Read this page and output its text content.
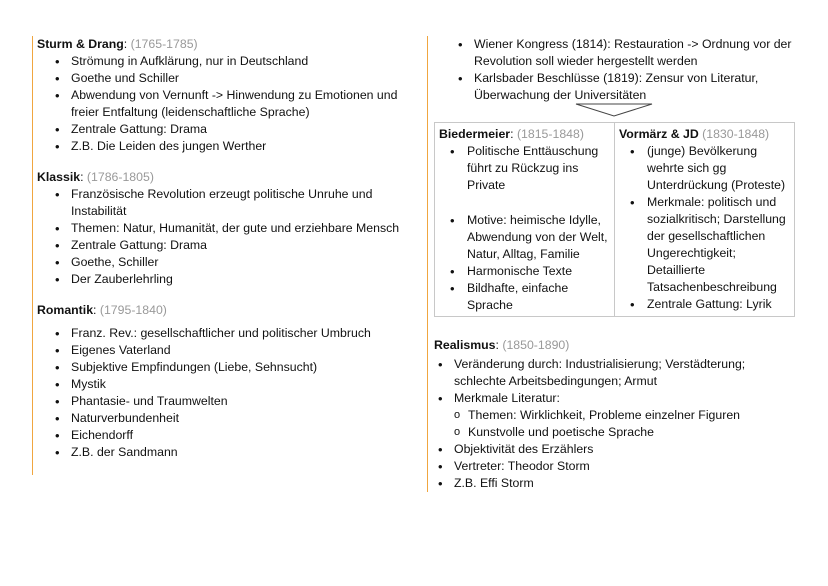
Sturm & Drang: (1765-1785)
• Strömung in Aufklärung, nur in Deutschland
• Goethe und Schiller
• Abwendung von Vernunft -> Hinwendung zu Emotionen und freier Entfaltung (leidenschaftliche Sprache)
• Zentrale Gattung: Drama
• Z.B. Die Leiden des jungen Werther
Klassik: (1786-1805)
• Französische Revolution erzeugt politische Unruhe und Instabilität
• Themen: Natur, Humanität, der gute und erziehbare Mensch
• Zentrale Gattung: Drama
• Goethe, Schiller
• Der Zauberlehrling
Romantik: (1795-1840)
• Franz. Rev.: gesellschaftlicher und politischer Umbruch
• Eigenes Vaterland
• Subjektive Empfindungen (Liebe, Sehnsucht)
• Mystik
• Phantasie- und Traumwelten
• Naturverbundenheit
• Eichendorff
• Z.B. der Sandmann
• Wiener Kongress (1814): Restauration -> Ordnung vor der Revolution soll wieder hergestellt werden
• Karlsbader Beschlüsse (1819): Zensur von Literatur, Überwachung der Universitäten
Biedermeier: (1815-1848)
• Politische Enttäuschung führt zu Rückzug ins Private
• Motive: heimische Idylle, Abwendung von der Welt, Natur, Alltag, Familie
• Harmonische Texte
• Bildhafte, einfache Sprache
Vormärz & JD (1830-1848)
• (junge) Bevölkerung wehrte sich gg Unterdrückung (Proteste)
• Merkmale: politisch und sozialkritisch; Darstellung der gesellschaftlichen Ungerechtigkeit; Detaillierte Tatsachenbeschreibung
• Zentrale Gattung: Lyrik
Realismus: (1850-1890)
• Veränderung durch: Industrialisierung; Verstädterung; schlechte Arbeitsbedingungen; Armut
• Merkmale Literatur:
o Themen: Wirklichkeit, Probleme einzelner Figuren
o Kunstvolle und poetische Sprache
• Objektivität des Erzählers
• Vertreter: Theodor Storm
• Z.B. Effi Storm
